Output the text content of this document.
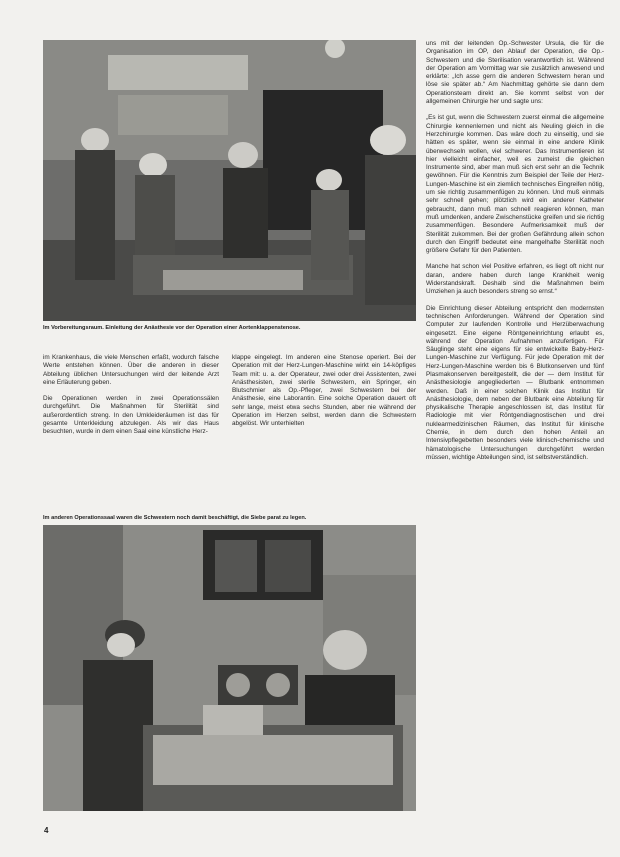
Im Vorbereitungsraum. Einleitung der Anästhesie vor der Operation einer Aortenklappenstenose.

im Krankenhaus, die viele Menschen erfaßt, wodurch falsche Werte entstehen können. Über die anderen in dieser Abteilung üblichen Untersuchungen wird der leitende Arzt eine Erläuterung geben.

Die Operationen werden in zwei Operationssälen durchgeführt. Die Maßnahmen für Sterilität sind außerordentlich streng. In den Umkleideräumen ist das für gesamte Unterkleidung abzulegen. Als wir das Haus besuchten, wurde in dem einen Saal eine künstliche Herz-

klappe eingelegt. Im anderen eine Stenose operiert. Bei der Operation mit der Herz-Lungen-Maschine wirkt ein 14-köpfiges Team mit: u. a. der Operateur, zwei oder drei Assistenten, zwei Anästhesisten, zwei sterile Schwestern, ein Springer, ein Blutschmier als Op.-Pfleger, zwei Schwestern bei der Anästhesie, eine Laborantin. Eine solche Operation dauert oft sehr lange, meist etwa sechs Stunden, aber nie während der Operation im Herzen selbst, werden dann die Schwestern abgelöst. Wir unterhielten

Im anderen Operationssaal waren die Schwestern noch damit beschäftigt, die Siebe parat zu legen.

uns mit der leitenden Op.-Schwester Ursula, die für die Organisation im OP, den Ablauf der Operation, die Op.-Schwestern und die Sterilisation verantwortlich ist. Während der Operation am Vormittag war sie zusätzlich anwesend und erklärte: „Ich asse gern die anderen Schwestern heran und löse sie später ab.“ Am Nachmittag gehörte sie dann dem Operationsteam direkt an. Sie kommt selbst von der allgemeinen Chirurgie her und sagte uns:

„Es ist gut, wenn die Schwestern zuerst einmal die allgemeine Chirurgie kennenlernen und nicht als Neuling gleich in die Herzchirurgie kommen. Das wäre doch zu einseitig, und sie hätten es später, wenn sie einmal in eine andere Klinik überwechseln wollen, viel schwerer. Das Instrumentieren ist hier vielleicht einfacher, weil es zumeist die gleichen Instrumente sind, aber man muß sich erst sehr an die Technik gewöhnen. Für die Kenntnis zum Beispiel der Teile der Herz-Lungen-Maschine ist ein ziemlich technisches Eingreifen nötig, um sie richtig zusammenfügen zu können. Und muß einmals sehr schnell gehen; plötzlich wird ein anderer Katheter gebraucht, dann muß man schnell reagieren können, man muß umdenken, andere Zwischenstücke greifen und sie richtig zusammenfügen. Besondere Aufmerksamkeit muß der Sterilität zukommen. Bei der großen Gefährdung allein schon durch den Eingriff bedeutet eine mangelhafte Sterilität noch größere Gefahr für den Patienten.

Manche hat schon viel Positive erfahren, es liegt oft nicht nur daran, andere haben durch lange Krankheit wenig Widerstandskraft. Deshalb sind die Maßnahmen beim Umziehen ja auch besonders streng so ernst.“

Die Einrichtung dieser Abteilung entspricht den modernsten technischen Anforderungen. Während der Operation sind Computer zur laufenden Kontrolle und Herzüberwachung eingesetzt. Eine eigene Röntgeneinrichtung erlaubt es, während der Operation Aufnahmen anzufertigen. Für Säuglinge steht eine eigens für sie entwickelte Baby-Herz-Lungen-Maschine zur Verfügung. Für jede Operation mit der Herz-Lungen-Maschine werden bis 6 Blutkonserven und fünf Plasmakonserven bereitgestellt, die der — dem Institut für Anästhesiologie angegliederten — Blutbank entnommen werden. Daß in einer solchen Klinik das Institut für Anästhesiologie, dem neben der Blutbank eine Abteilung für physikalische Therapie angeschlossen ist, das Institut für Radiologie mit vier Röntgendiagnostischen und drei nuklearmedizinischen Räumen, das Institut für klinische Chemie, in dem durch den hohen Anteil an Intensivpflegebetten besonders viele klinisch-chemische und hämatologische Untersuchungen durchgeführt werden müssen, wichtige Abteilungen sind, ist selbstverständlich.

4
